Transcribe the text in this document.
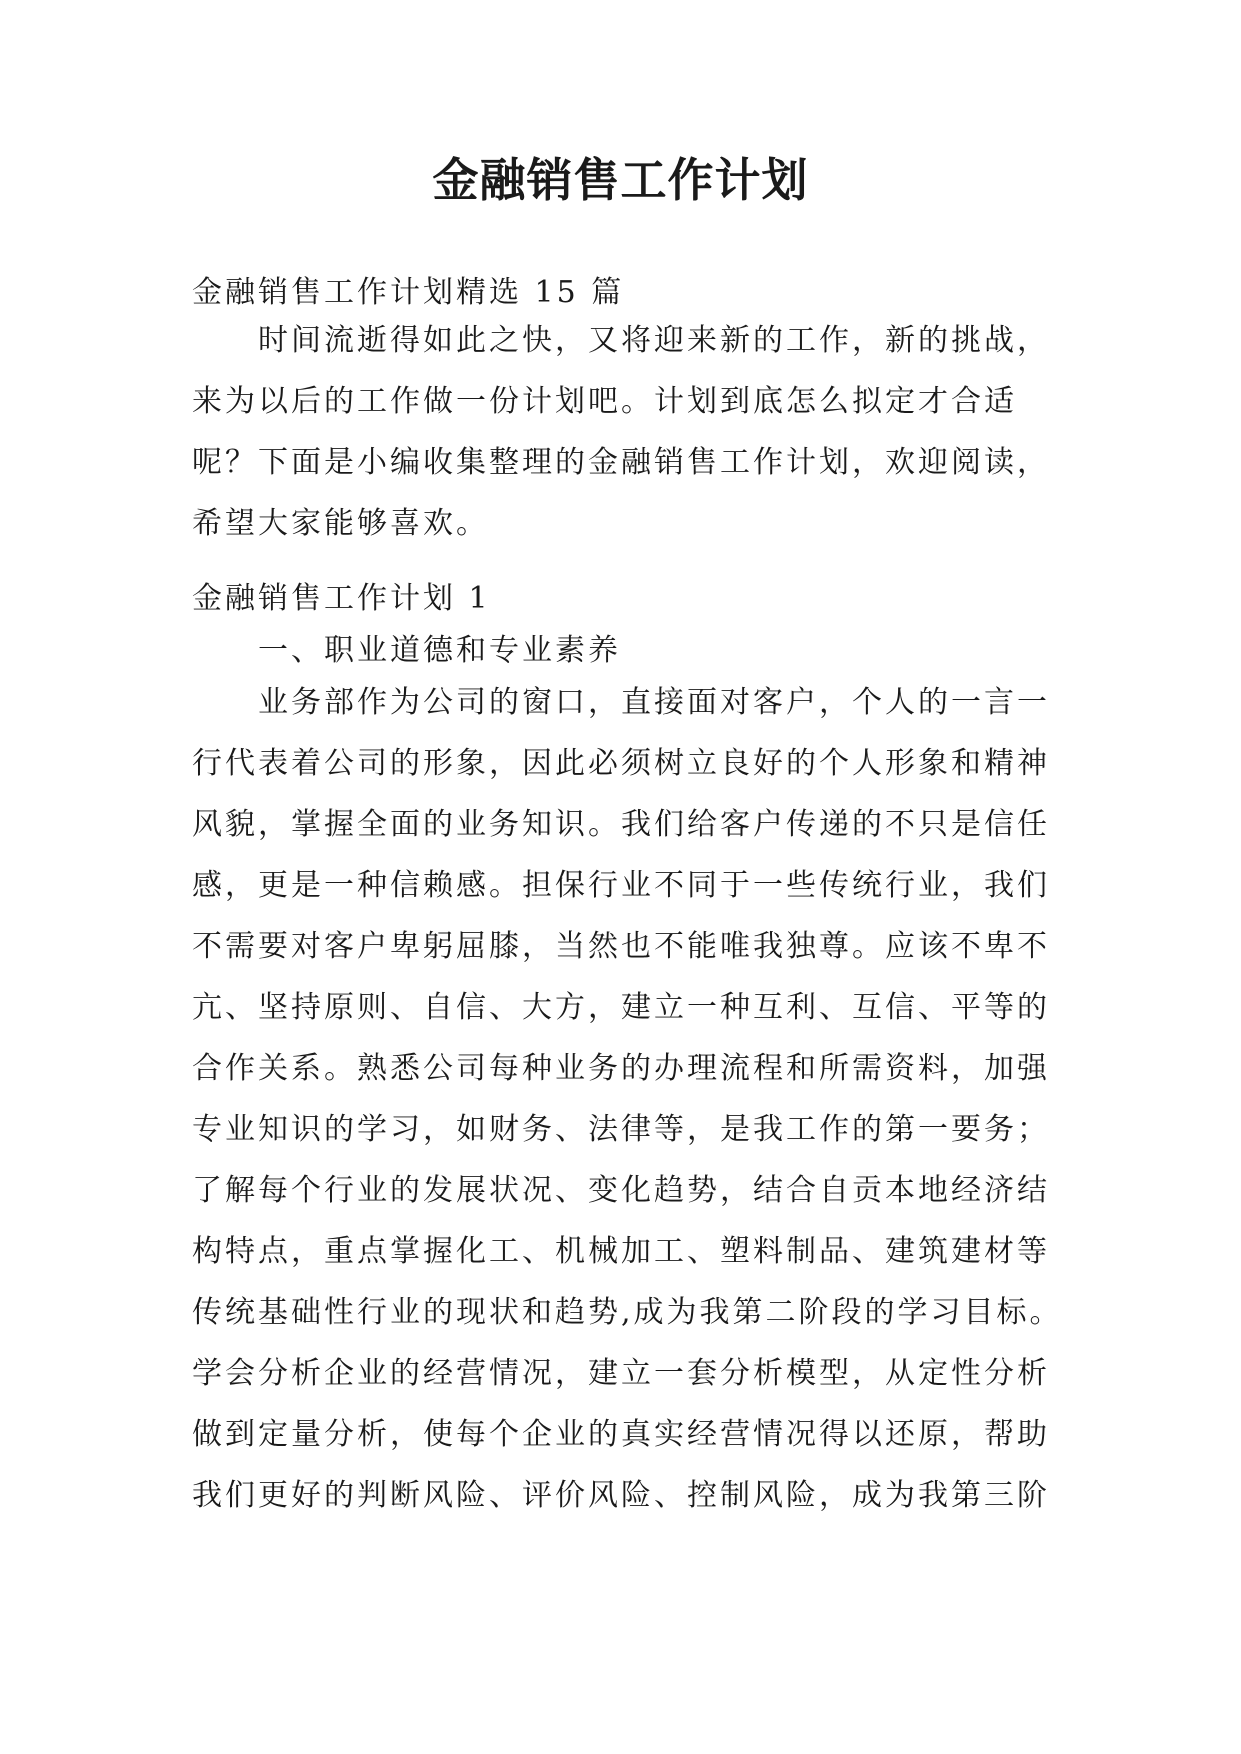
金融销售工作计划

金融销售工作计划精选 15 篇

时间流逝得如此之快，又将迎来新的工作，新的挑战，
来为以后的工作做一份计划吧。计划到底怎么拟定才合适
呢？下面是小编收集整理的金融销售工作计划，欢迎阅读，
希望大家能够喜欢。

金融销售工作计划 1

一、职业道德和专业素养

业务部作为公司的窗口，直接面对客户，个人的一言一
行代表着公司的形象，因此必须树立良好的个人形象和精神
风貌，掌握全面的业务知识。我们给客户传递的不只是信任
感，更是一种信赖感。担保行业不同于一些传统行业，我们
不需要对客户卑躬屈膝，当然也不能唯我独尊。应该不卑不
亢、坚持原则、自信、大方，建立一种互利、互信、平等的
合作关系。熟悉公司每种业务的办理流程和所需资料，加强
专业知识的学习，如财务、法律等，是我工作的第一要务；
了解每个行业的发展状况、变化趋势，结合自贡本地经济结
构特点，重点掌握化工、机械加工、塑料制品、建筑建材等
传统基础性行业的现状和趋势,成为我第二阶段的学习目标。
学会分析企业的经营情况，建立一套分析模型，从定性分析
做到定量分析，使每个企业的真实经营情况得以还原，帮助
我们更好的判断风险、评价风险、控制风险，成为我第三阶
